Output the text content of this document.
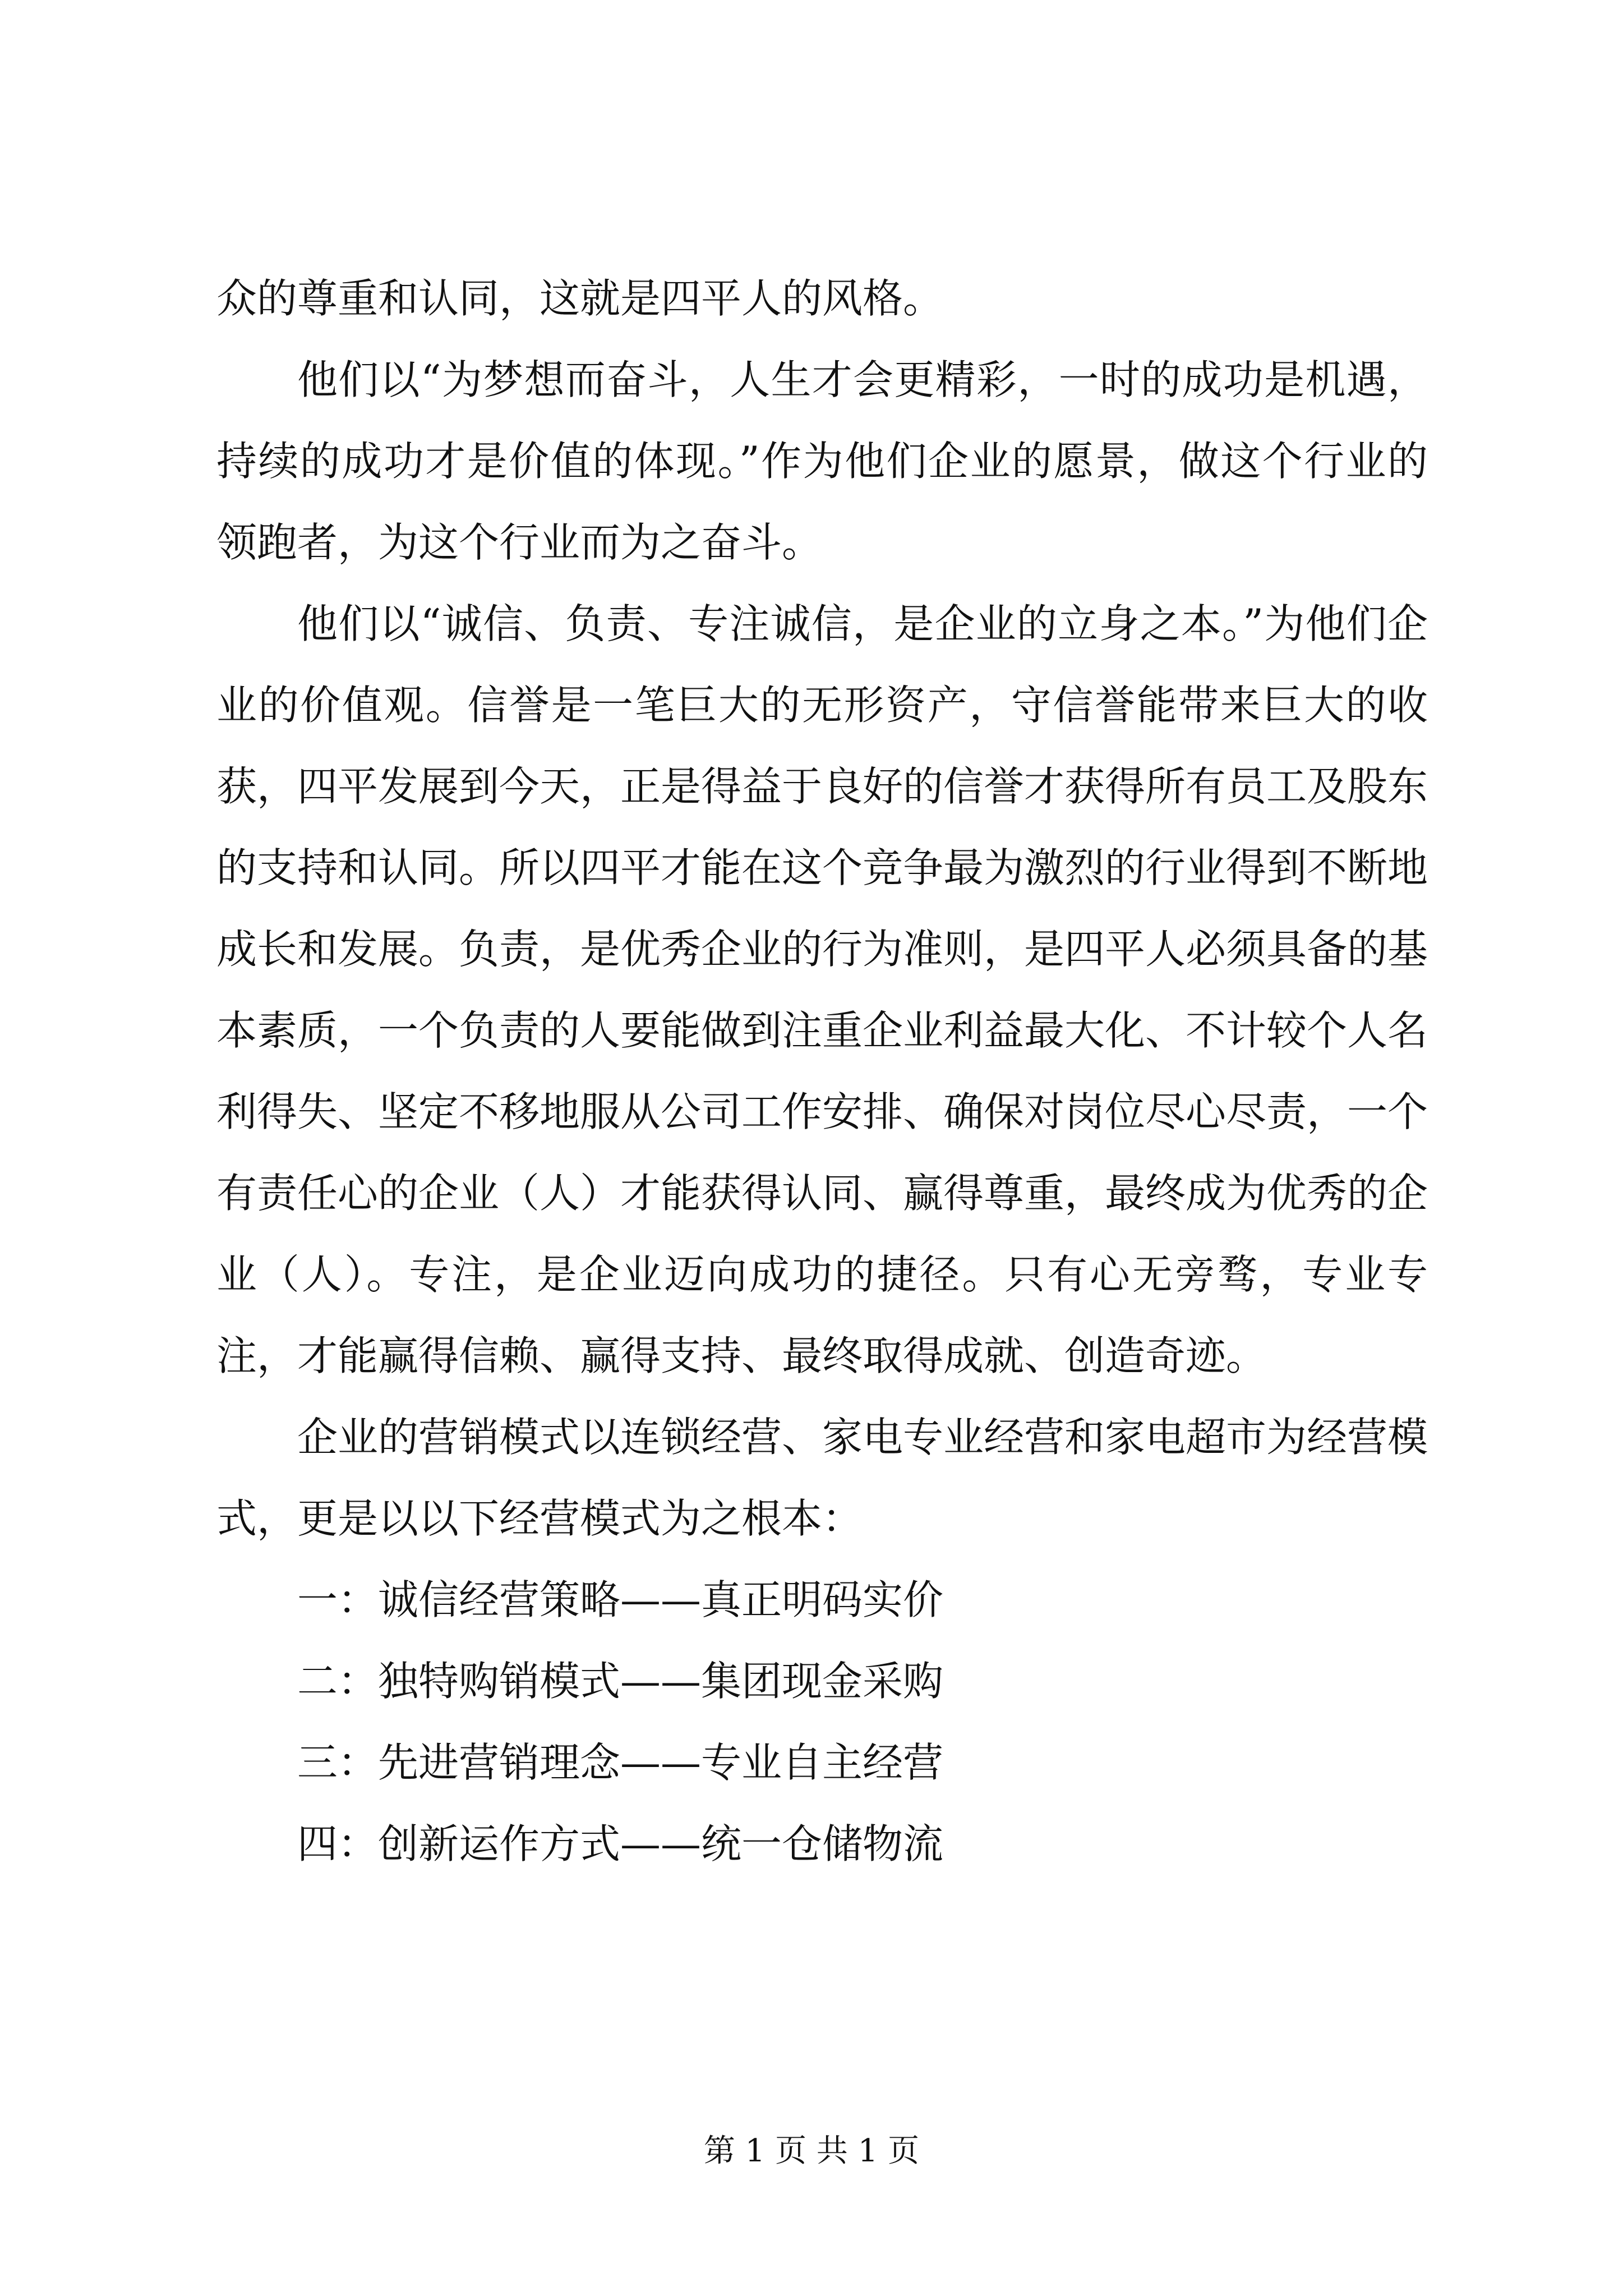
众的尊重和认同，这就是四平人的风格。

他们以“为梦想而奋斗，人生才会更精彩，一时的成功是机遇，持续的成功才是价值的体现。”作为他们企业的愿景，做这个行业的领跑者，为这个行业而为之奋斗。

他们以“诚信、负责、专注诚信，是企业的立身之本。”为他们企业的价值观。信誉是一笔巨大的无形资产，守信誉能带来巨大的收获，四平发展到今天，正是得益于良好的信誉才获得所有员工及股东的支持和认同。所以四平才能在这个竞争最为激烈的行业得到不断地成长和发展。负责，是优秀企业的行为准则，是四平人必须具备的基本素质，一个负责的人要能做到注重企业利益最大化、不计较个人名利得失、坚定不移地服从公司工作安排、确保对岗位尽心尽责，一个有责任心的企业（人）才能获得认同、赢得尊重，最终成为优秀的企业（人）。专注，是企业迈向成功的捷径。只有心无旁骛，专业专注，才能赢得信赖、赢得支持、最终取得成就、创造奇迹。

企业的营销模式以连锁经营、家电专业经营和家电超市为经营模式，更是以以下经营模式为之根本：

一：诚信经营策略——真正明码实价

二：独特购销模式——集团现金采购

三：先进营销理念——专业自主经营

四：创新运作方式——统一仓储物流

第 1 页 共 1 页
